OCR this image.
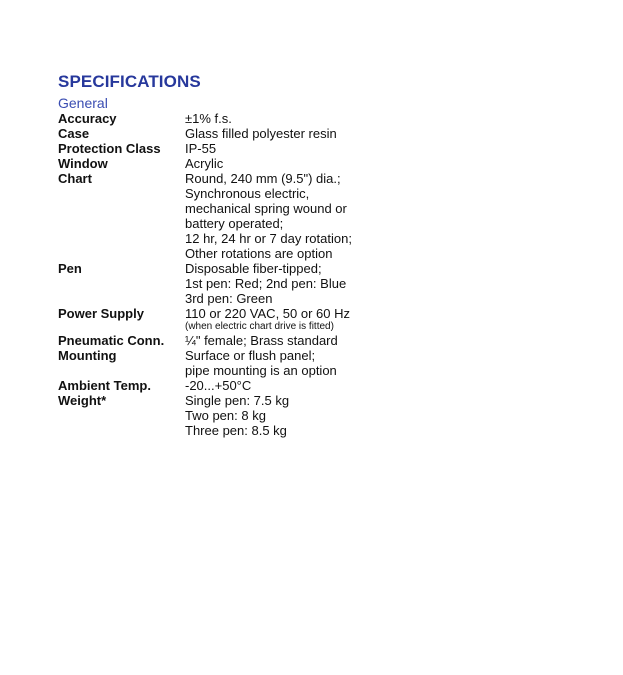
SPECIFICATIONS
General
Accuracy	±1% f.s.
Case	Glass filled polyester resin
Protection Class	IP-55
Window	Acrylic
Chart	Round, 240 mm (9.5") dia.;
Synchronous electric,
mechanical spring wound or
battery operated;
12 hr, 24 hr or 7 day rotation;
Other rotations are option
Pen	Disposable fiber-tipped;
1st pen: Red; 2nd pen: Blue
3rd pen: Green
Power Supply	110 or 220 VAC, 50 or 60 Hz
(when electric chart drive is fitted)
Pneumatic Conn.	¼" female; Brass standard
Mounting	Surface or flush panel;
pipe mounting is an option
Ambient Temp.	-20...+50°C
Weight*	Single pen: 7.5 kg
Two pen: 8 kg
Three pen: 8.5 kg
